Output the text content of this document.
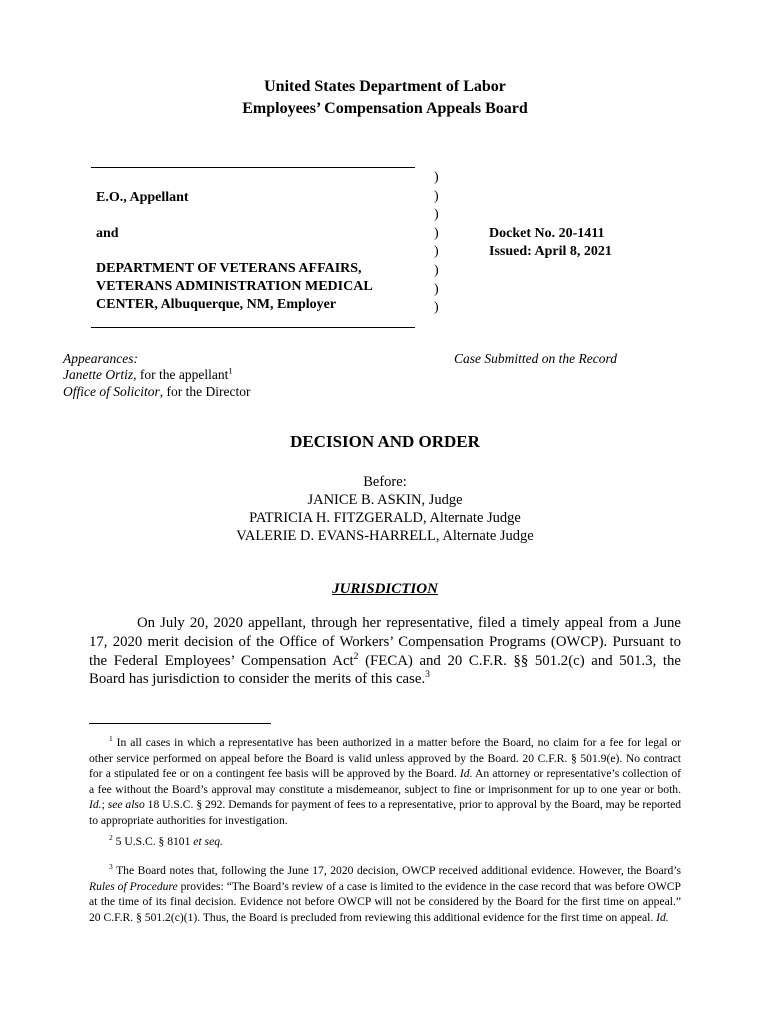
United States Department of Labor
Employees’ Compensation Appeals Board
E.O., Appellant
and
DEPARTMENT OF VETERANS AFFAIRS,
VETERANS ADMINISTRATION MEDICAL
CENTER, Albuquerque, NM, Employer
)
)
)
)
)
)
)
)
Docket No. 20-1411
Issued: April 8, 2021
Appearances:
Janette Ortiz, for the appellant$^1$
Office of Solicitor, for the Director
Case Submitted on the Record
DECISION AND ORDER
Before:
JANICE B. ASKIN, Judge
PATRICIA H. FITZGERALD, Alternate Judge
VALERIE D. EVANS-HARRELL, Alternate Judge
JURISDICTION
On July 20, 2020 appellant, through her representative, filed a timely appeal from a June 17, 2020 merit decision of the Office of Workers’ Compensation Programs (OWCP). Pursuant to the Federal Employees’ Compensation Act$^2$ (FECA) and 20 C.F.R. §§ 501.2(c) and 501.3, the Board has jurisdiction to consider the merits of this case.$^3$
$^1$ In all cases in which a representative has been authorized in a matter before the Board, no claim for a fee for legal or other service performed on appeal before the Board is valid unless approved by the Board. 20 C.F.R. § 501.9(e). No contract for a stipulated fee or on a contingent fee basis will be approved by the Board. Id. An attorney or representative’s collection of a fee without the Board’s approval may constitute a misdemeanor, subject to fine or imprisonment for up to one year or both. Id.; see also 18 U.S.C. § 292. Demands for payment of fees to a representative, prior to approval by the Board, may be reported to appropriate authorities for investigation.
$^2$ 5 U.S.C. § 8101 et seq.
$^3$ The Board notes that, following the June 17, 2020 decision, OWCP received additional evidence. However, the Board’s Rules of Procedure provides: “The Board’s review of a case is limited to the evidence in the case record that was before OWCP at the time of its final decision. Evidence not before OWCP will not be considered by the Board for the first time on appeal.” 20 C.F.R. § 501.2(c)(1). Thus, the Board is precluded from reviewing this additional evidence for the first time on appeal. Id.
